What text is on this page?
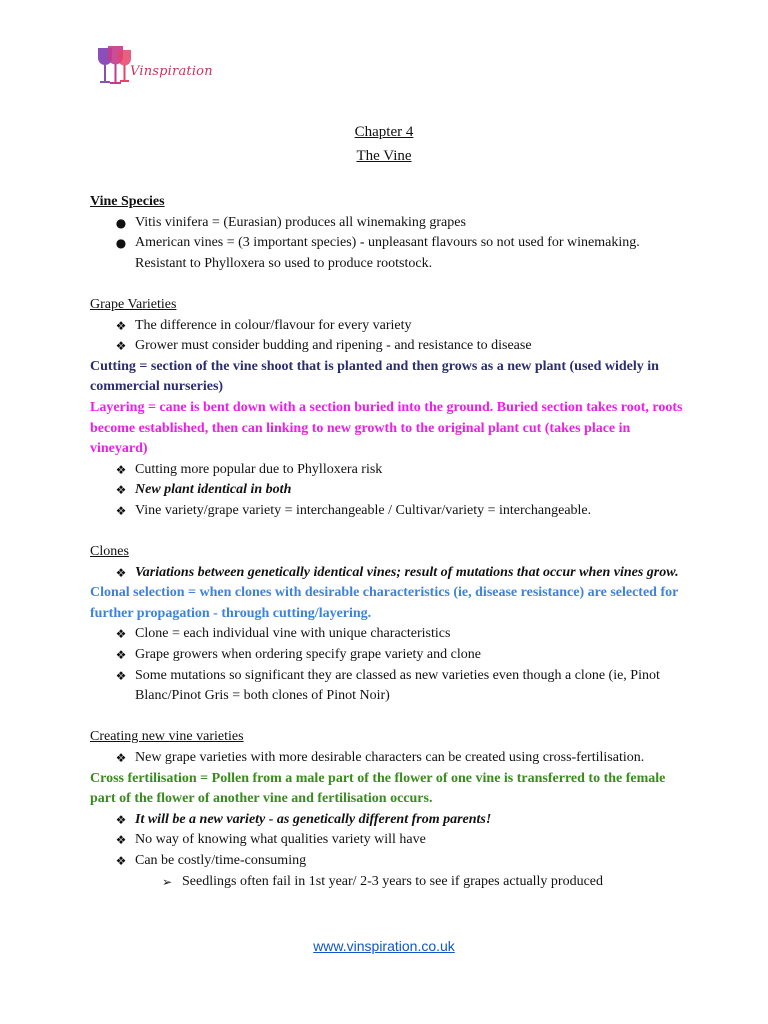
Vinspiration
Chapter 4
The Vine

Vine Species

● Vitis vinifera = (Eurasian) produces all winemaking grapes
● American vines = (3 important species) - unpleasant flavours so not used for winemaking. Resistant to Phylloxera so used to produce rootstock.

Grape Varieties

❖ The difference in colour/flavour for every variety
❖ Grower must consider budding and ripening - and resistance to disease

Cutting = section of the vine shoot that is planted and then grows as a new plant (used widely in commercial nurseries)

Layering = cane is bent down with a section buried into the ground. Buried section takes root, roots become established, then can linking to new growth to the original plant cut (takes place in vineyard)

❖ Cutting more popular due to Phylloxera risk
❖ New plant identical in both
❖ Vine variety/grape variety = interchangeable / Cultivar/variety = interchangeable.

Clones

❖ Variations between genetically identical vines; result of mutations that occur when vines grow.

Clonal selection = when clones with desirable characteristics (ie, disease resistance) are selected for further propagation - through cutting/layering.

❖ Clone = each individual vine with unique characteristics
❖ Grape growers when ordering specify grape variety and clone
❖ Some mutations so significant they are classed as new varieties even though a clone (ie, Pinot Blanc/Pinot Gris = both clones of Pinot Noir)

Creating new vine varieties

❖ New grape varieties with more desirable characters can be created using cross-fertilisation.

Cross fertilisation = Pollen from a male part of the flower of one vine is transferred to the female part of the flower of another vine and fertilisation occurs.

❖ It will be a new variety - as genetically different from parents!
❖ No way of knowing what qualities variety will have
❖ Can be costly/time-consuming
➢ Seedlings often fail in 1st year/ 2-3 years to see if grapes actually produced
www.vinspiration.co.uk
